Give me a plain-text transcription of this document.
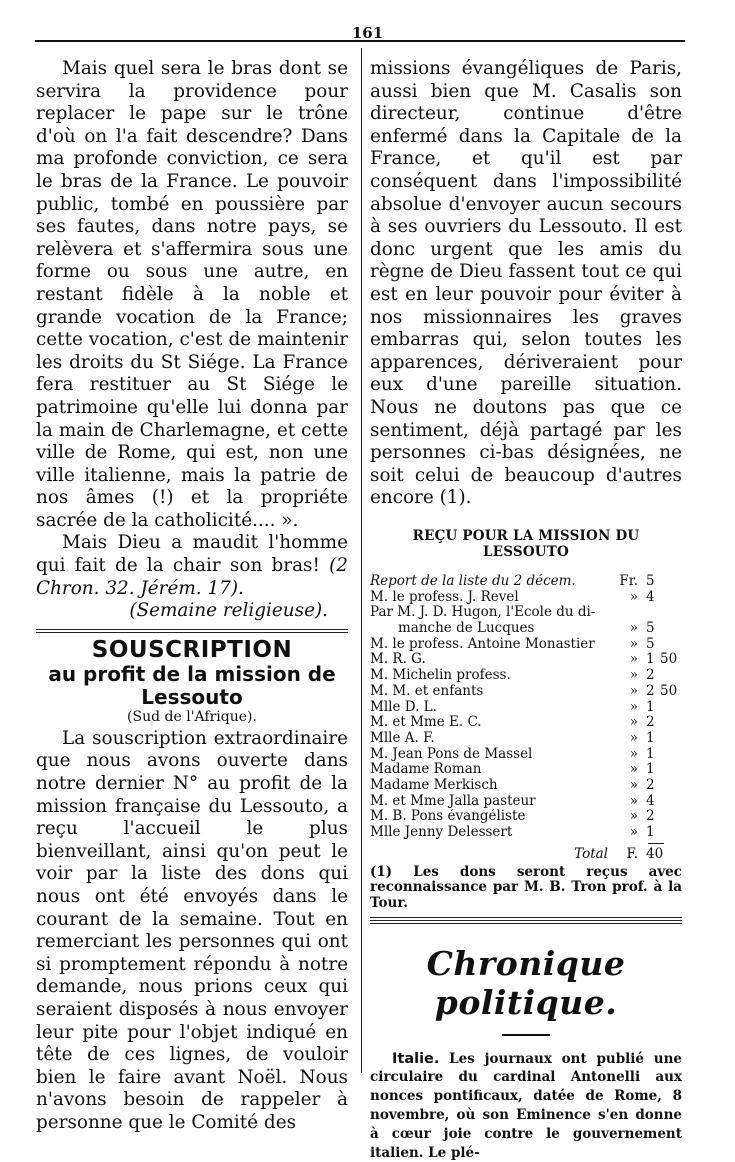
161

Mais quel sera le bras dont se servira la providence pour replacer le pape sur le trône d'où on l'a fait descendre? Dans ma profonde conviction, ce sera le bras de la France. Le pouvoir public, tombé en poussière par ses fautes, dans notre pays, se relèvera et s'affermira sous une forme ou sous une autre, en restant fidèle à la noble et grande vocation de la France; cette vocation, c'est de maintenir les droits du St Siége. La France fera restituer au St Siége le patrimoine qu'elle lui donna par la main de Charlemagne, et cette ville de Rome, qui est, non une ville italienne, mais la patrie de nos âmes (!) et la propriéte sacrée de la catholicité.... ».

Mais Dieu a maudit l'homme qui fait de la chair son bras! (2 Chron. 32. Jérém. 17).

(Semaine religieuse).

SOUSCRIPTION
au profit de la mission de Lessouto
(Sud de l'Afrique).

La souscription extraordinaire que nous avons ouverte dans notre dernier N° au profit de la mission française du Lessouto, a reçu l'accueil le plus bienveillant, ainsi qu'on peut le voir par la liste des dons qui nous ont été envoyés dans le courant de la semaine. Tout en remerciant les personnes qui ont si promptement répondu à notre demande, nous prions ceux qui seraient disposés à nous envoyer leur pite pour l'objet indiqué en tête de ces lignes, de vouloir bien le faire avant Noël. Nous n'avons besoin de rappeler à personne que le Comité des

missions évangéliques de Paris, aussi bien que M. Casalis son directeur, continue d'être enfermé dans la Capitale de la France, et qu'il est par conséquent dans l'impossibilité absolue d'envoyer aucun secours à ses ouvriers du Lessouto. Il est donc urgent que les amis du règne de Dieu fassent tout ce qui est en leur pouvoir pour éviter à nos missionnaires les graves embarras qui, selon toutes les apparences, dériveraient pour eux d'une pareille situation. Nous ne doutons pas que ce sentiment, déjà partagé par les personnes ci-bas désignées, ne soit celui de beaucoup d'autres encore (1).

REÇU POUR LA MISSION DU LESSOUTO
Report de la liste du 2 décem.	Fr. 5
M. le profess. J. Revel	» 4
Par M. J. D. Hugon, l'Ecole du di-
manche de Lucques	» 5
M. le profess. Antoine Monastier	» 5
M. R. G.	» 1 50
M. Michelin profess.	» 2
M. M. et enfants	» 2 50
Mlle D. L.	» 1
M. et Mme E. C.	» 2
Mlle A. F.	» 1
M. Jean Pons de Massel	» 1
Madame Roman	» 1
Madame Merkisch	» 2
M. et Mme Jalla pasteur	» 4
M. B. Pons évangéliste	» 2
Mlle Jenny Delessert	» 1
Total	F. 40

(1) Les dons seront reçus avec reconnaissance par M. B. Tron prof. à la Tour.

Chronique politique.

Italie. Les journaux ont publié une circulaire du cardinal Antonelli aux nonces pontificaux, datée de Rome, 8 novembre, où son Eminence s'en donne à cœur joie contre le gouvernement italien. Le plé-
